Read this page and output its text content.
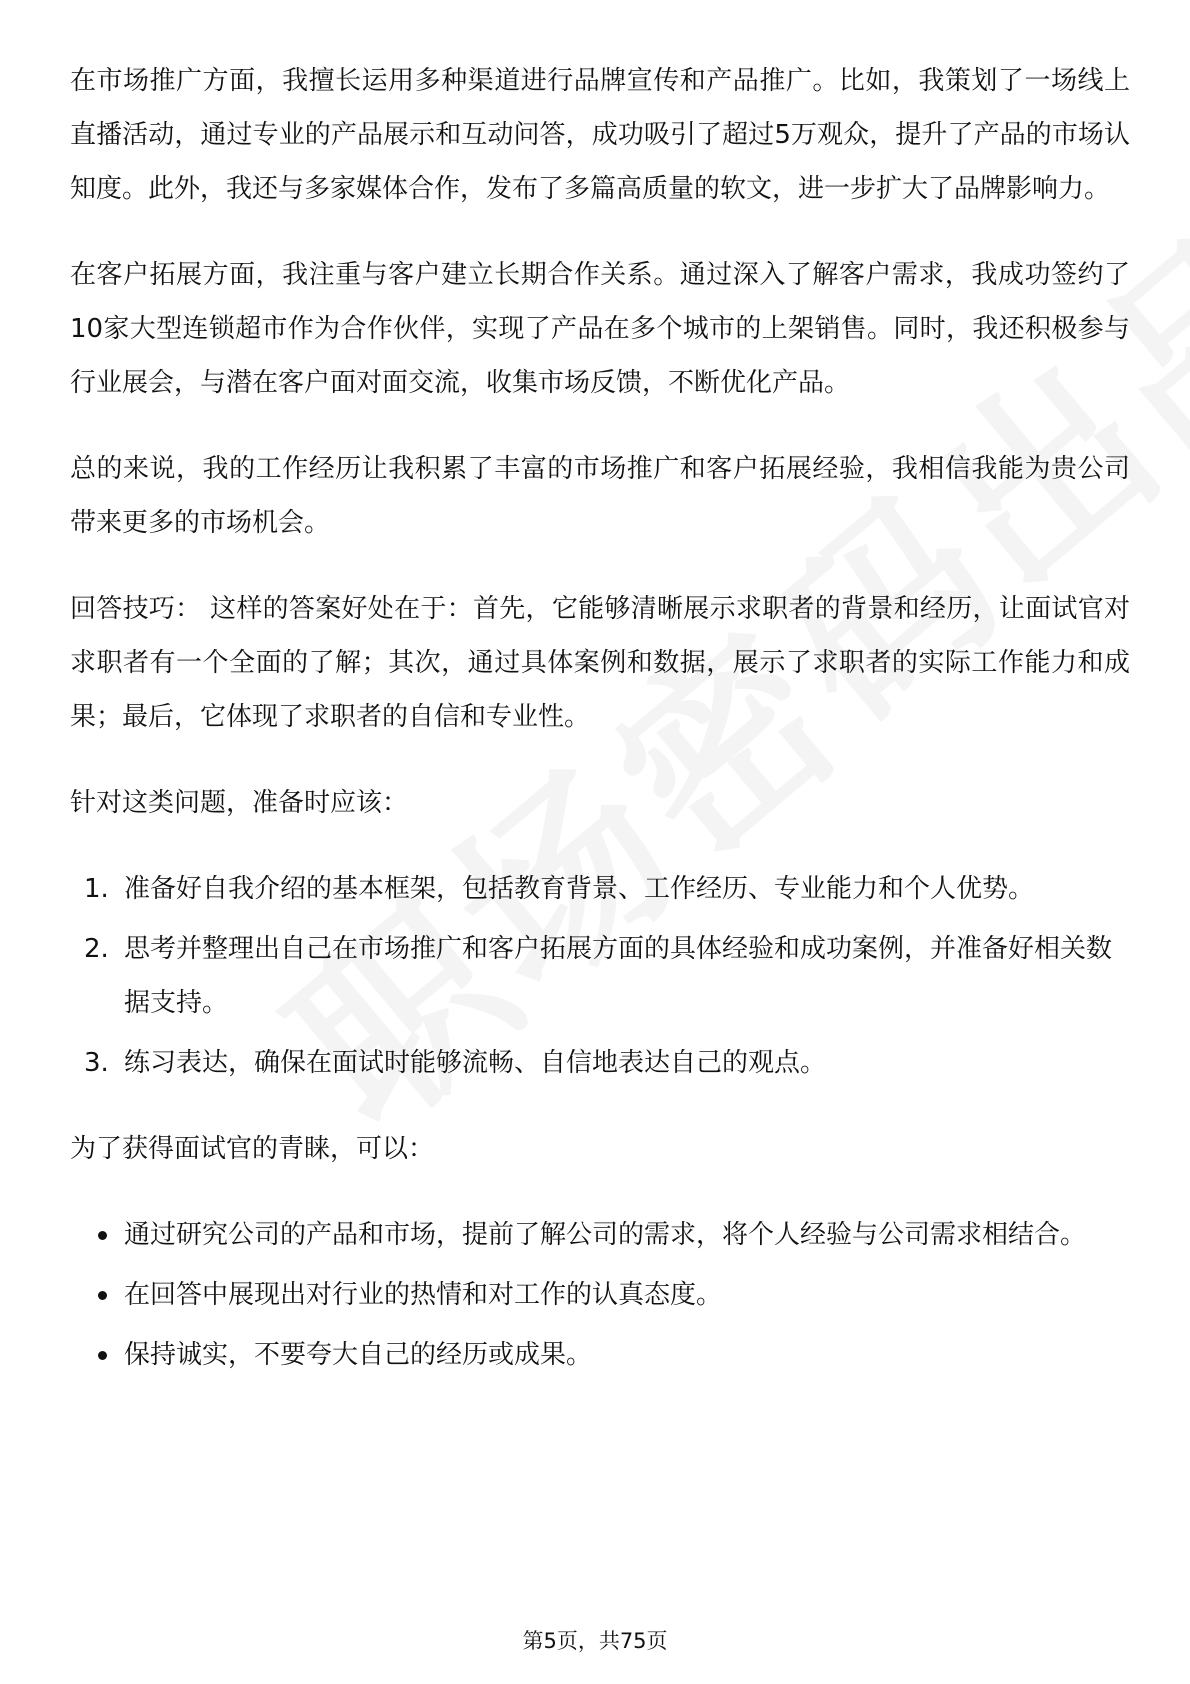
在市场推广方面，我擅长运用多种渠道进行品牌宣传和产品推广。比如，我策划了一场线上直播活动，通过专业的产品展示和互动问答，成功吸引了超过5万观众，提升了产品的市场认知度。此外，我还与多家媒体合作，发布了多篇高质量的软文，进一步扩大了品牌影响力。

在客户拓展方面，我注重与客户建立长期合作关系。通过深入了解客户需求，我成功签约了10家大型连锁超市作为合作伙伴，实现了产品在多个城市的上架销售。同时，我还积极参与行业展会，与潜在客户面对面交流，收集市场反馈，不断优化产品。

总的来说，我的工作经历让我积累了丰富的市场推广和客户拓展经验，我相信我能为贵公司带来更多的市场机会。

回答技巧： 这样的答案好处在于：首先，它能够清晰展示求职者的背景和经历，让面试官对求职者有一个全面的了解；其次，通过具体案例和数据，展示了求职者的实际工作能力和成果；最后，它体现了求职者的自信和专业性。

针对这类问题，准备时应该：

1. 准备好自我介绍的基本框架，包括教育背景、工作经历、专业能力和个人优势。
2. 思考并整理出自己在市场推广和客户拓展方面的具体经验和成功案例，并准备好相关数据支持。
3. 练习表达，确保在面试时能够流畅、自信地表达自己的观点。

为了获得面试官的青睐，可以：

通过研究公司的产品和市场，提前了解公司的需求，将个人经验与公司需求相结合。
在回答中展现出对行业的热情和对工作的认真态度。
保持诚实，不要夸大自己的经历或成果。
第5页，共75页
